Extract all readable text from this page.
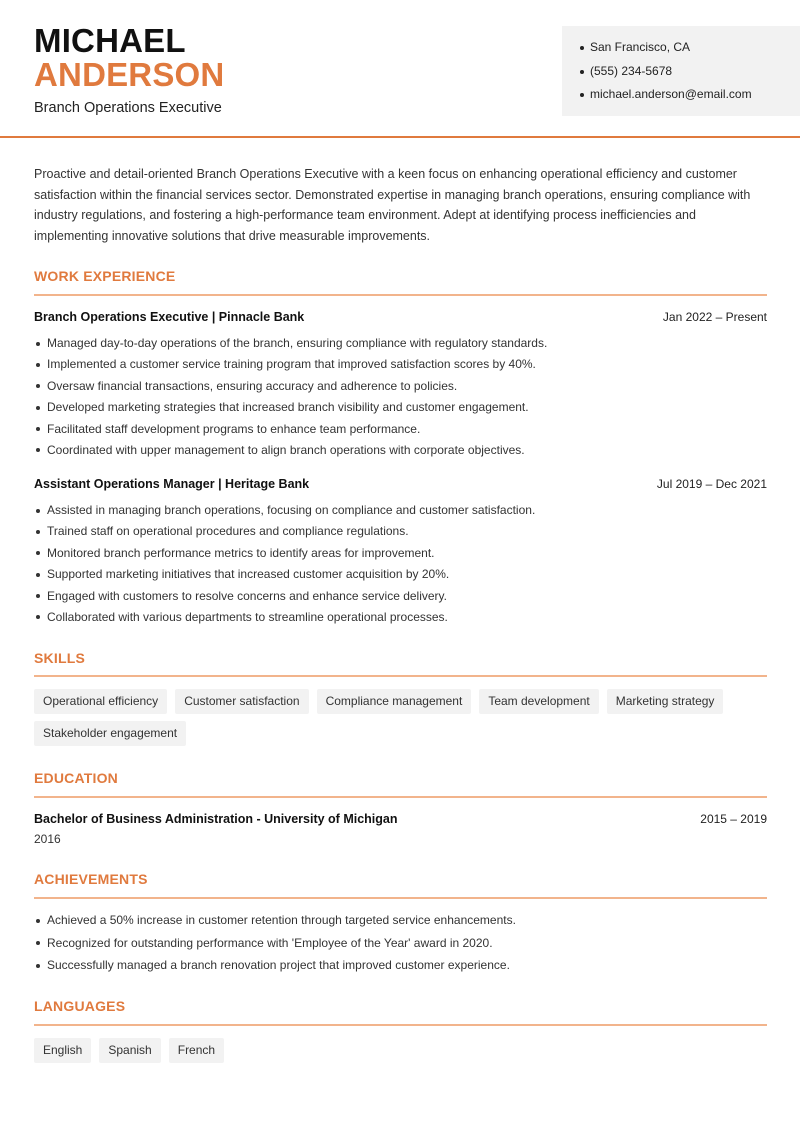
MICHAEL
ANDERSON
Branch Operations Executive
San Francisco, CA
(555) 234-5678
michael.anderson@email.com

Proactive and detail-oriented Branch Operations Executive with a keen focus on enhancing operational efficiency and customer satisfaction within the financial services sector. Demonstrated expertise in managing branch operations, ensuring compliance with industry regulations, and fostering a high-performance team environment. Adept at identifying process inefficiencies and implementing innovative solutions that drive measurable improvements.

WORK EXPERIENCE
Branch Operations Executive | Pinnacle Bank	Jan 2022 – Present
Managed day-to-day operations of the branch, ensuring compliance with regulatory standards.
Implemented a customer service training program that improved satisfaction scores by 40%.
Oversaw financial transactions, ensuring accuracy and adherence to policies.
Developed marketing strategies that increased branch visibility and customer engagement.
Facilitated staff development programs to enhance team performance.
Coordinated with upper management to align branch operations with corporate objectives.
Assistant Operations Manager | Heritage Bank	Jul 2019 – Dec 2021
Assisted in managing branch operations, focusing on compliance and customer satisfaction.
Trained staff on operational procedures and compliance regulations.
Monitored branch performance metrics to identify areas for improvement.
Supported marketing initiatives that increased customer acquisition by 20%.
Engaged with customers to resolve concerns and enhance service delivery.
Collaborated with various departments to streamline operational processes.
SKILLS
Operational efficiency	Customer satisfaction	Compliance management	Team development	Marketing strategy
Stakeholder engagement
EDUCATION
Bachelor of Business Administration - University of Michigan	2015 – 2019
2016
ACHIEVEMENTS
Achieved a 50% increase in customer retention through targeted service enhancements.
Recognized for outstanding performance with 'Employee of the Year' award in 2020.
Successfully managed a branch renovation project that improved customer experience.
LANGUAGES
English	Spanish	French
